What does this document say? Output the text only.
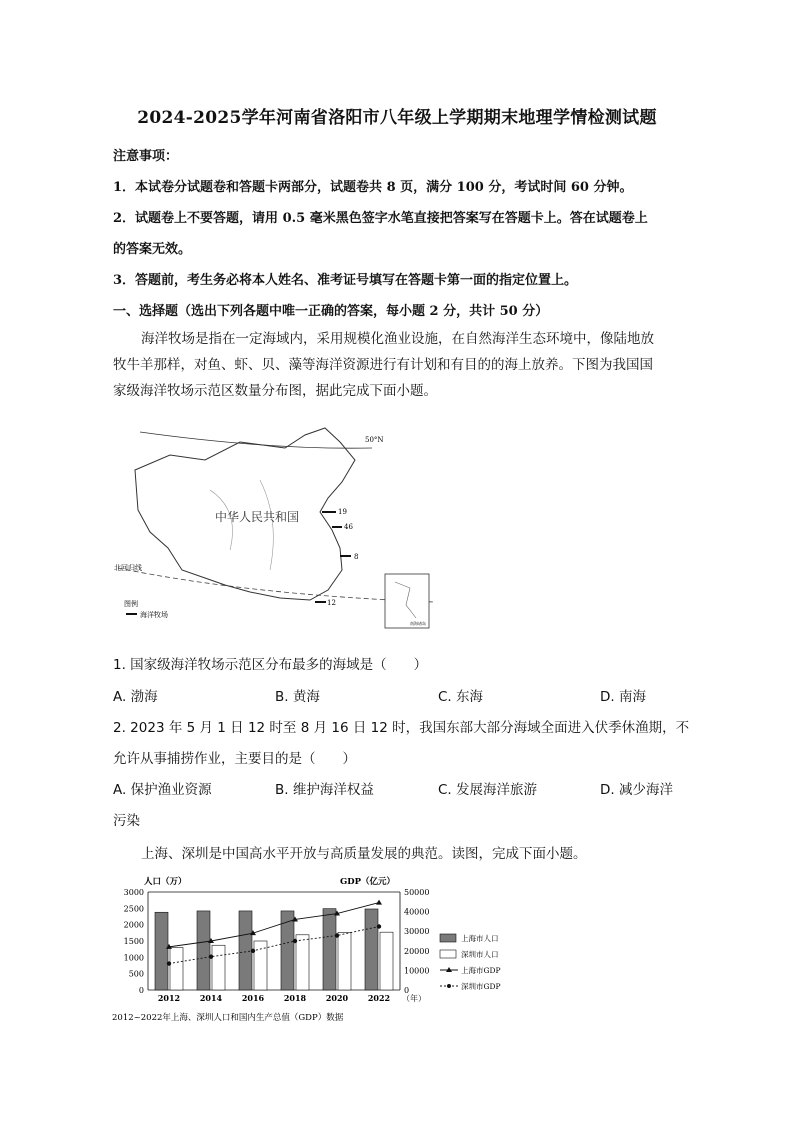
2024-2025学年河南省洛阳市八年级上学期期末地理学情检测试题
注意事项：
1．本试卷分试题卷和答题卡两部分，试题卷共 8 页，满分 100 分，考试时间 60 分钟。
2．试题卷上不要答题，请用 0.5 毫米黑色签字水笔直接把答案写在答题卡上。答在试题卷上
的答案无效。
3．答题前，考生务必将本人姓名、准考证号填写在答题卡第一面的指定位置上。
一、选择题（选出下列各题中唯一正确的答案，每小题 2 分，共计 50 分）
海洋牧场是指在一定海域内，采用规模化渔业设施，在自然海洋生态环境中，像陆地放
牧牛羊那样，对鱼、虾、贝、藻等海洋资源进行有计划和有目的的海上放养。下图为我国国
家级海洋牧场示范区数量分布图，据此完成下面小题。
南海诸岛
50°N
中华人民共和国
北回归线
图例
海洋牧场
19
46
8
12
1. 国家级海洋牧场示范区分布最多的海域是（　　）
A. 渤海	B. 黄海	C. 东海	D. 南海
2. 2023 年 5 月 1 日 12 时至 8 月 16 日 12 时，我国东部大部分海域全面进入伏季休渔期，不
允许从事捕捞作业，主要目的是（　　）
A. 保护渔业资源	B. 维护海洋权益	C. 发展海洋旅游	D. 减少海洋
污染
上海、深圳是中国高水平开放与高质量发展的典范。读图，完成下面小题。
0
500
1000
1500
2000
2500
3000
0
10000
20000
30000
40000
50000
2012 2014 2016 2018 2020 2022 （年）
人口（万）	GDP（亿元）
上海市人口
深圳市人口
上海市GDP
深圳市GDP
2012~2022年上海、深圳人口和国内生产总值（GDP）数据
